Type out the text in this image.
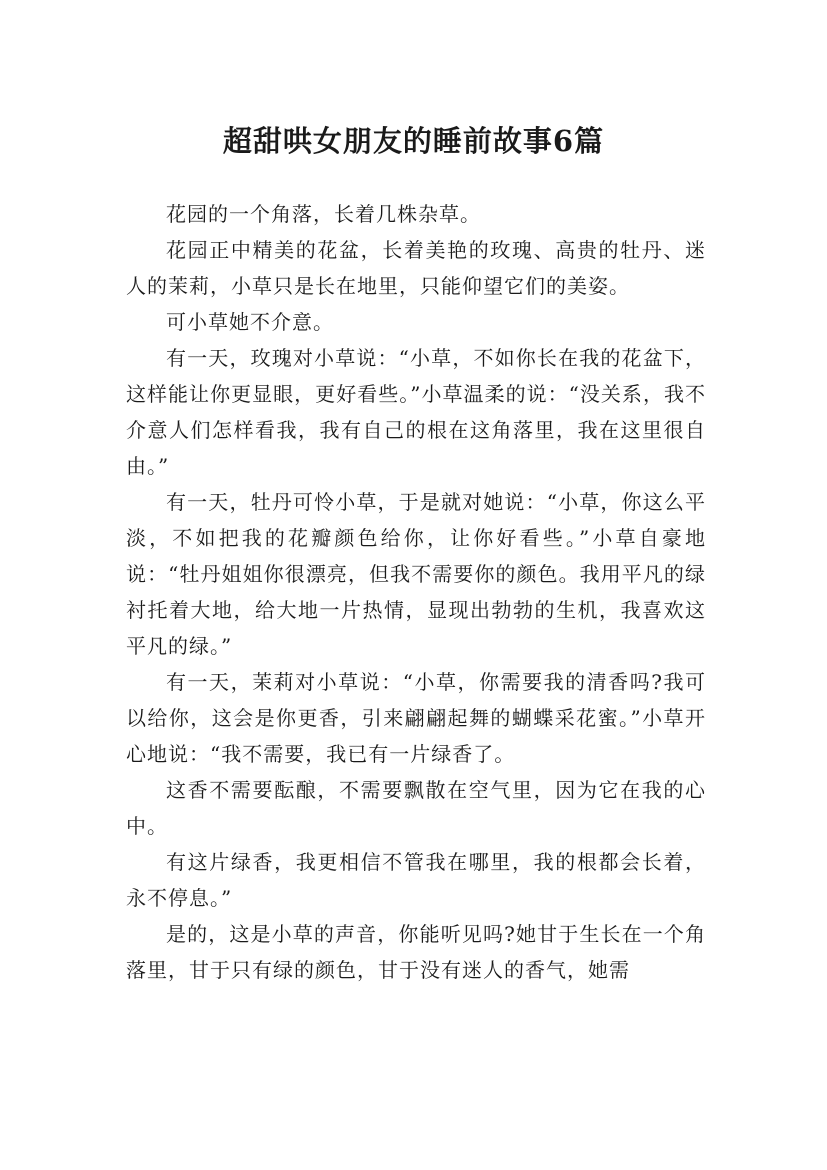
超甜哄女朋友的睡前故事6篇

花园的一个角落，长着几株杂草。

花园正中精美的花盆，长着美艳的玫瑰、高贵的牡丹、迷人的茉莉，小草只是长在地里，只能仰望它们的美姿。

可小草她不介意。

有一天，玫瑰对小草说：“小草，不如你长在我的花盆下，这样能让你更显眼，更好看些。”小草温柔的说：“没关系，我不介意人们怎样看我，我有自己的根在这角落里，我在这里很自由。”

有一天，牡丹可怜小草，于是就对她说：“小草，你这么平淡，不如把我的花瓣颜色给你，让你好看些。”小草自豪地说：“牡丹姐姐你很漂亮，但我不需要你的颜色。我用平凡的绿衬托着大地，给大地一片热情，显现出勃勃的生机，我喜欢这平凡的绿。”

有一天，茉莉对小草说：“小草，你需要我的清香吗?我可以给你，这会是你更香，引来翩翩起舞的蝴蝶采花蜜。”小草开心地说：“我不需要，我已有一片绿香了。

这香不需要酝酿，不需要飘散在空气里，因为它在我的心中。

有这片绿香，我更相信不管我在哪里，我的根都会长着，永不停息。”

是的，这是小草的声音，你能听见吗?她甘于生长在一个角落里，甘于只有绿的颜色，甘于没有迷人的香气，她需
